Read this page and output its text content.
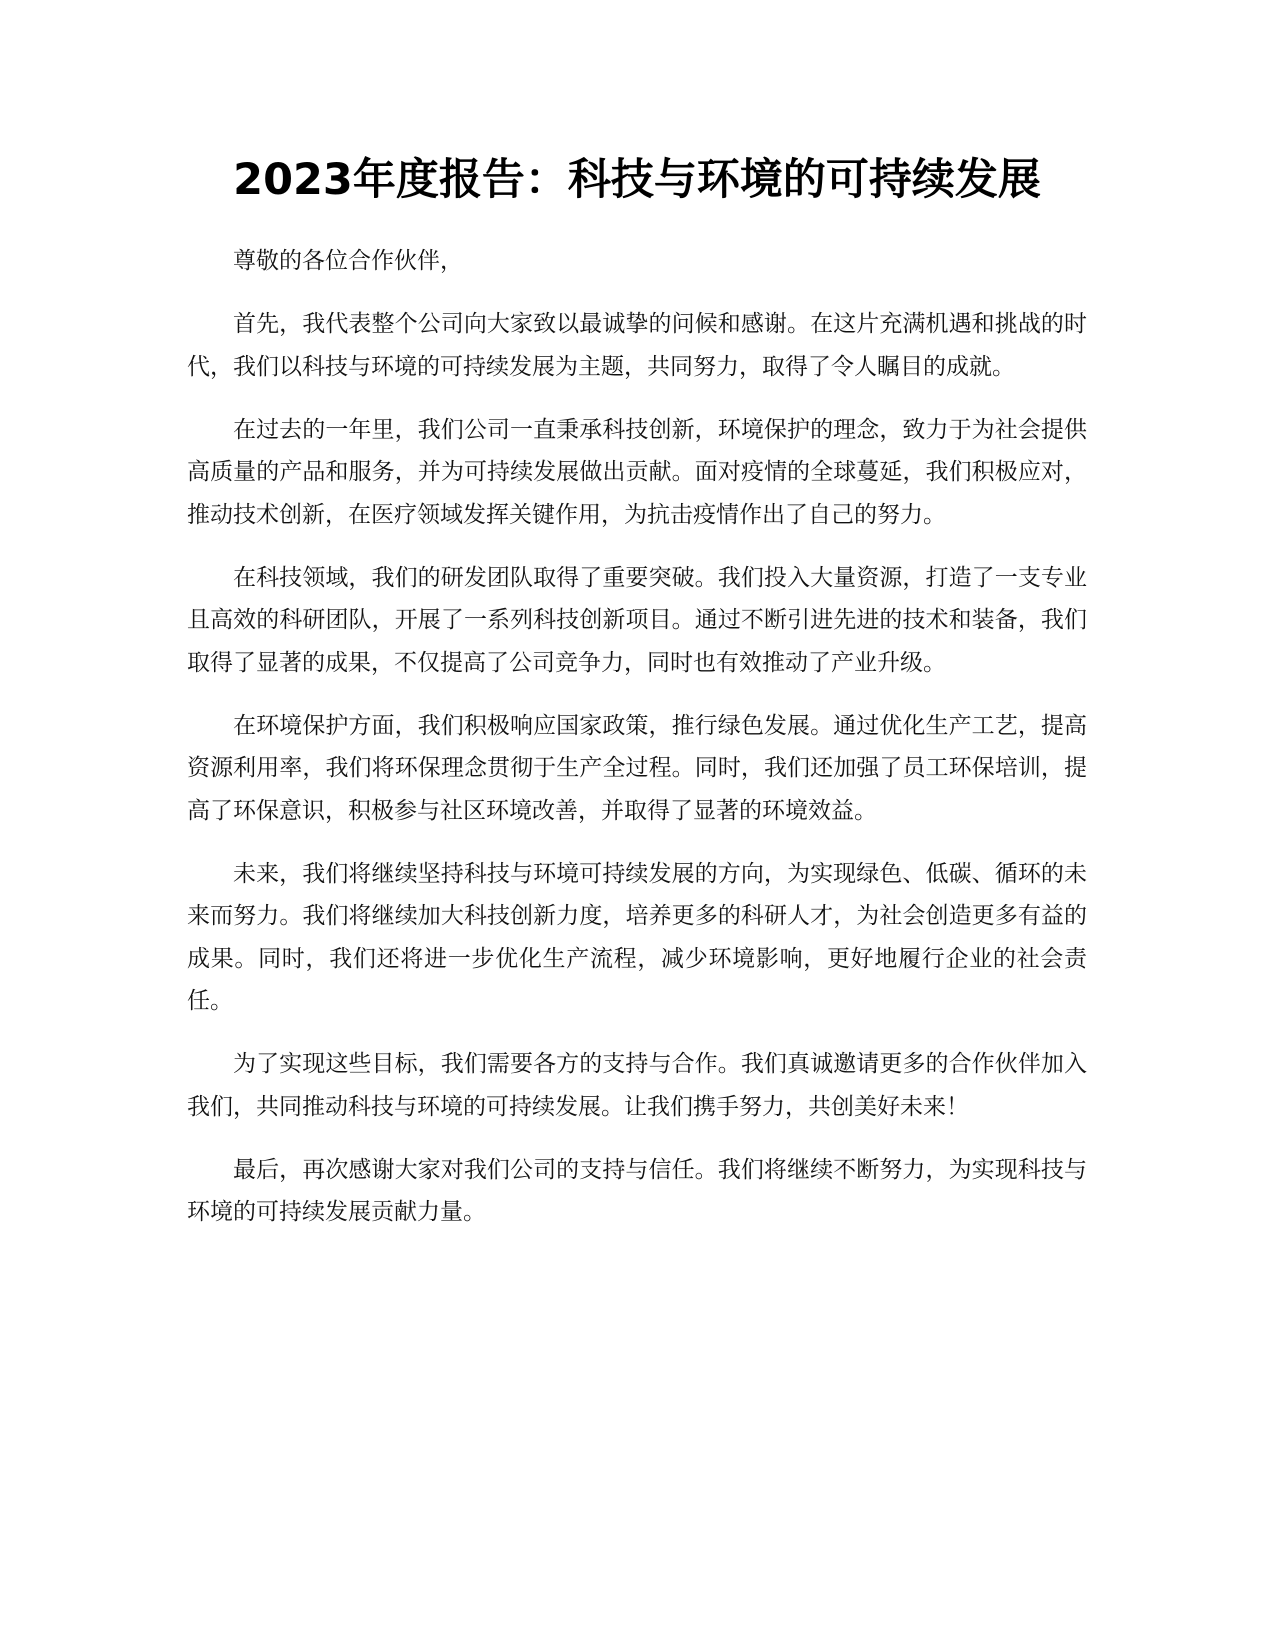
2023年度报告：科技与环境的可持续发展

尊敬的各位合作伙伴，

首先，我代表整个公司向大家致以最诚挚的问候和感谢。在这片充满机遇和挑战的时代，我们以科技与环境的可持续发展为主题，共同努力，取得了令人瞩目的成就。

在过去的一年里，我们公司一直秉承科技创新，环境保护的理念，致力于为社会提供高质量的产品和服务，并为可持续发展做出贡献。面对疫情的全球蔓延，我们积极应对，推动技术创新，在医疗领域发挥关键作用，为抗击疫情作出了自己的努力。

在科技领域，我们的研发团队取得了重要突破。我们投入大量资源，打造了一支专业且高效的科研团队，开展了一系列科技创新项目。通过不断引进先进的技术和装备，我们取得了显著的成果，不仅提高了公司竞争力，同时也有效推动了产业升级。

在环境保护方面，我们积极响应国家政策，推行绿色发展。通过优化生产工艺，提高资源利用率，我们将环保理念贯彻于生产全过程。同时，我们还加强了员工环保培训，提高了环保意识，积极参与社区环境改善，并取得了显著的环境效益。

未来，我们将继续坚持科技与环境可持续发展的方向，为实现绿色、低碳、循环的未来而努力。我们将继续加大科技创新力度，培养更多的科研人才，为社会创造更多有益的成果。同时，我们还将进一步优化生产流程，减少环境影响，更好地履行企业的社会责任。

为了实现这些目标，我们需要各方的支持与合作。我们真诚邀请更多的合作伙伴加入我们，共同推动科技与环境的可持续发展。让我们携手努力，共创美好未来！

最后，再次感谢大家对我们公司的支持与信任。我们将继续不断努力，为实现科技与环境的可持续发展贡献力量。
